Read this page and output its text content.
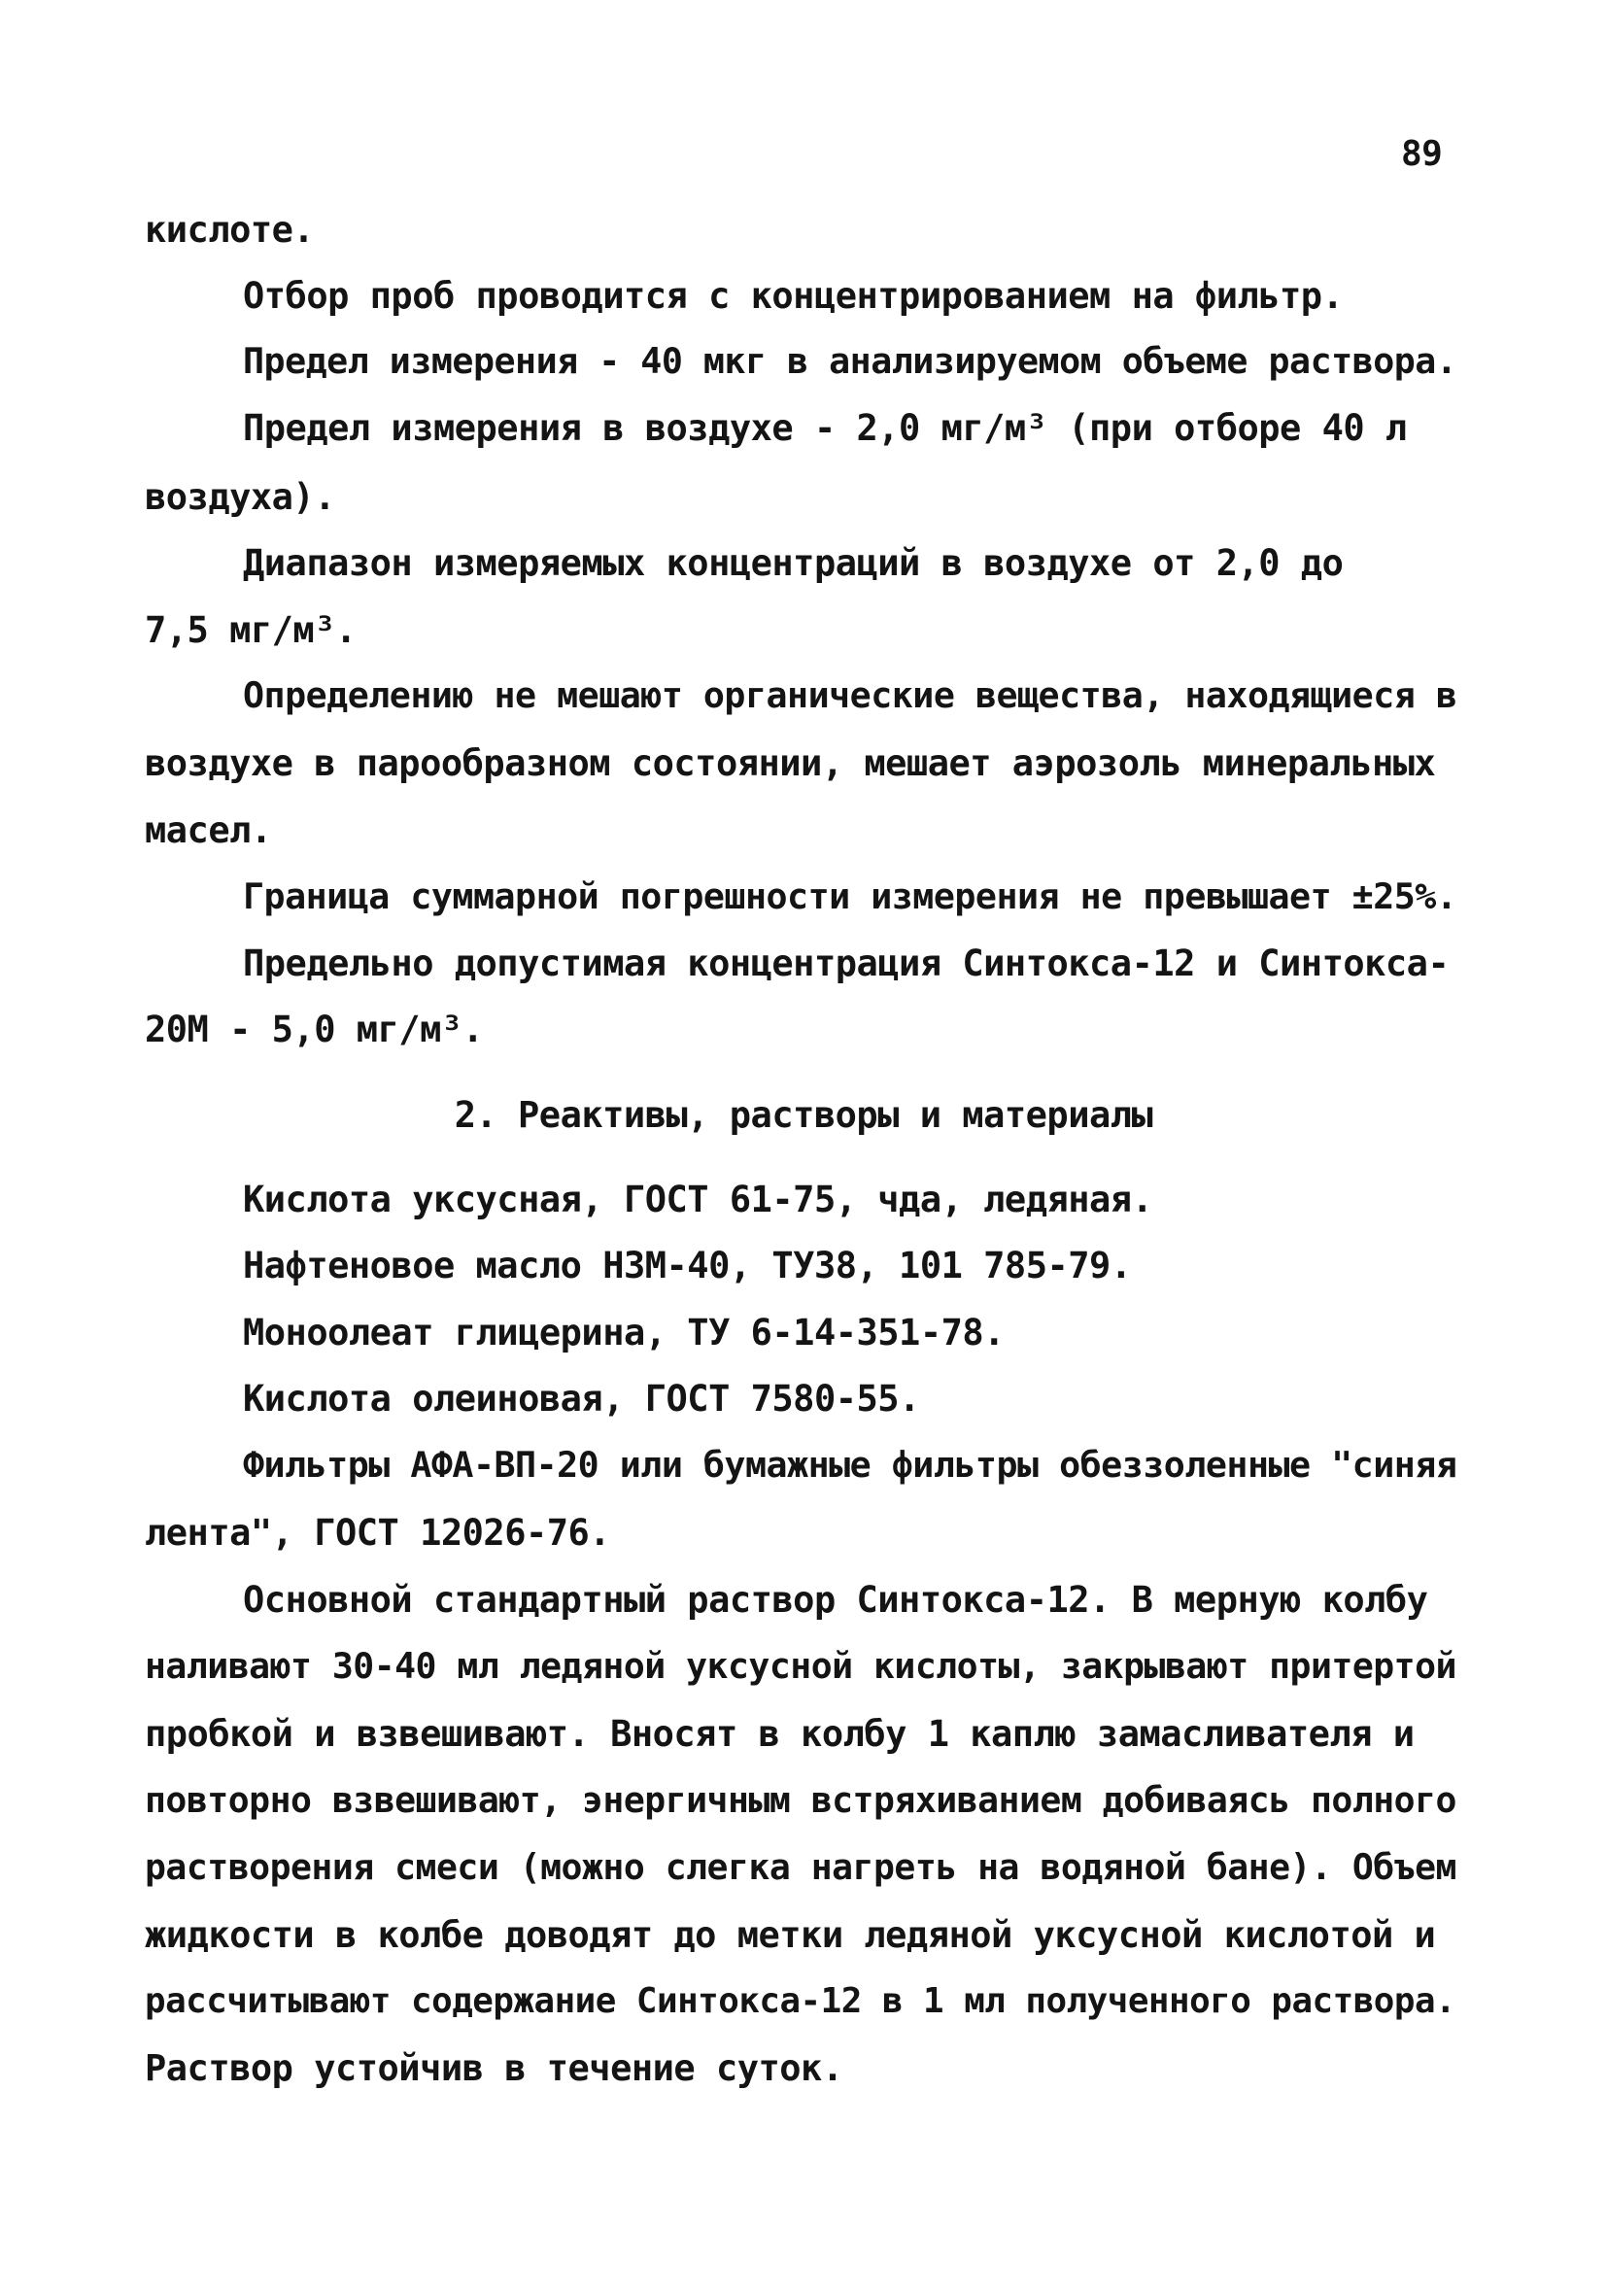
89
кислоте.
Отбор проб проводится с концентрированием на фильтр.
Предел измерения - 40 мкг в анализируемом объеме раствора.
Предел измерения в воздухе - 2,0 мг/м³ (при отборе 40 л
воздуха).
Диапазон измеряемых концентраций в воздухе от 2,0 до
7,5 мг/м³.
Определению не мешают органические вещества, находящиеся в
воздухе в парообразном состоянии, мешает аэрозоль минеральных
масел.
Граница суммарной погрешности измерения не превышает ±25%.
Предельно допустимая концентрация Синтокса-12 и Синтокса-
20М - 5,0 мг/м³.
2. Реактивы, растворы и материалы
Кислота уксусная, ГОСТ 61-75, чда, ледяная.
Нафтеновое масло НЗМ-40, ТУ38, 101 785-79.
Моноолеат глицерина, ТУ 6-14-351-78.
Кислота олеиновая, ГОСТ 7580-55.
Фильтры АФА-ВП-20 или бумажные фильтры обеззоленные "синяя
лента", ГОСТ 12026-76.
Основной стандартный раствор Синтокса-12. В мерную колбу
наливают 30-40 мл ледяной уксусной кислоты, закрывают притертой
пробкой и взвешивают. Вносят в колбу 1 каплю замасливателя и
повторно взвешивают, энергичным встряхиванием добиваясь полного
растворения смеси (можно слегка нагреть на водяной бане). Объем
жидкости в колбе доводят до метки ледяной уксусной кислотой и
рассчитывают содержание Синтокса-12 в 1 мл полученного раствора.
Раствор устойчив в течение суток.
